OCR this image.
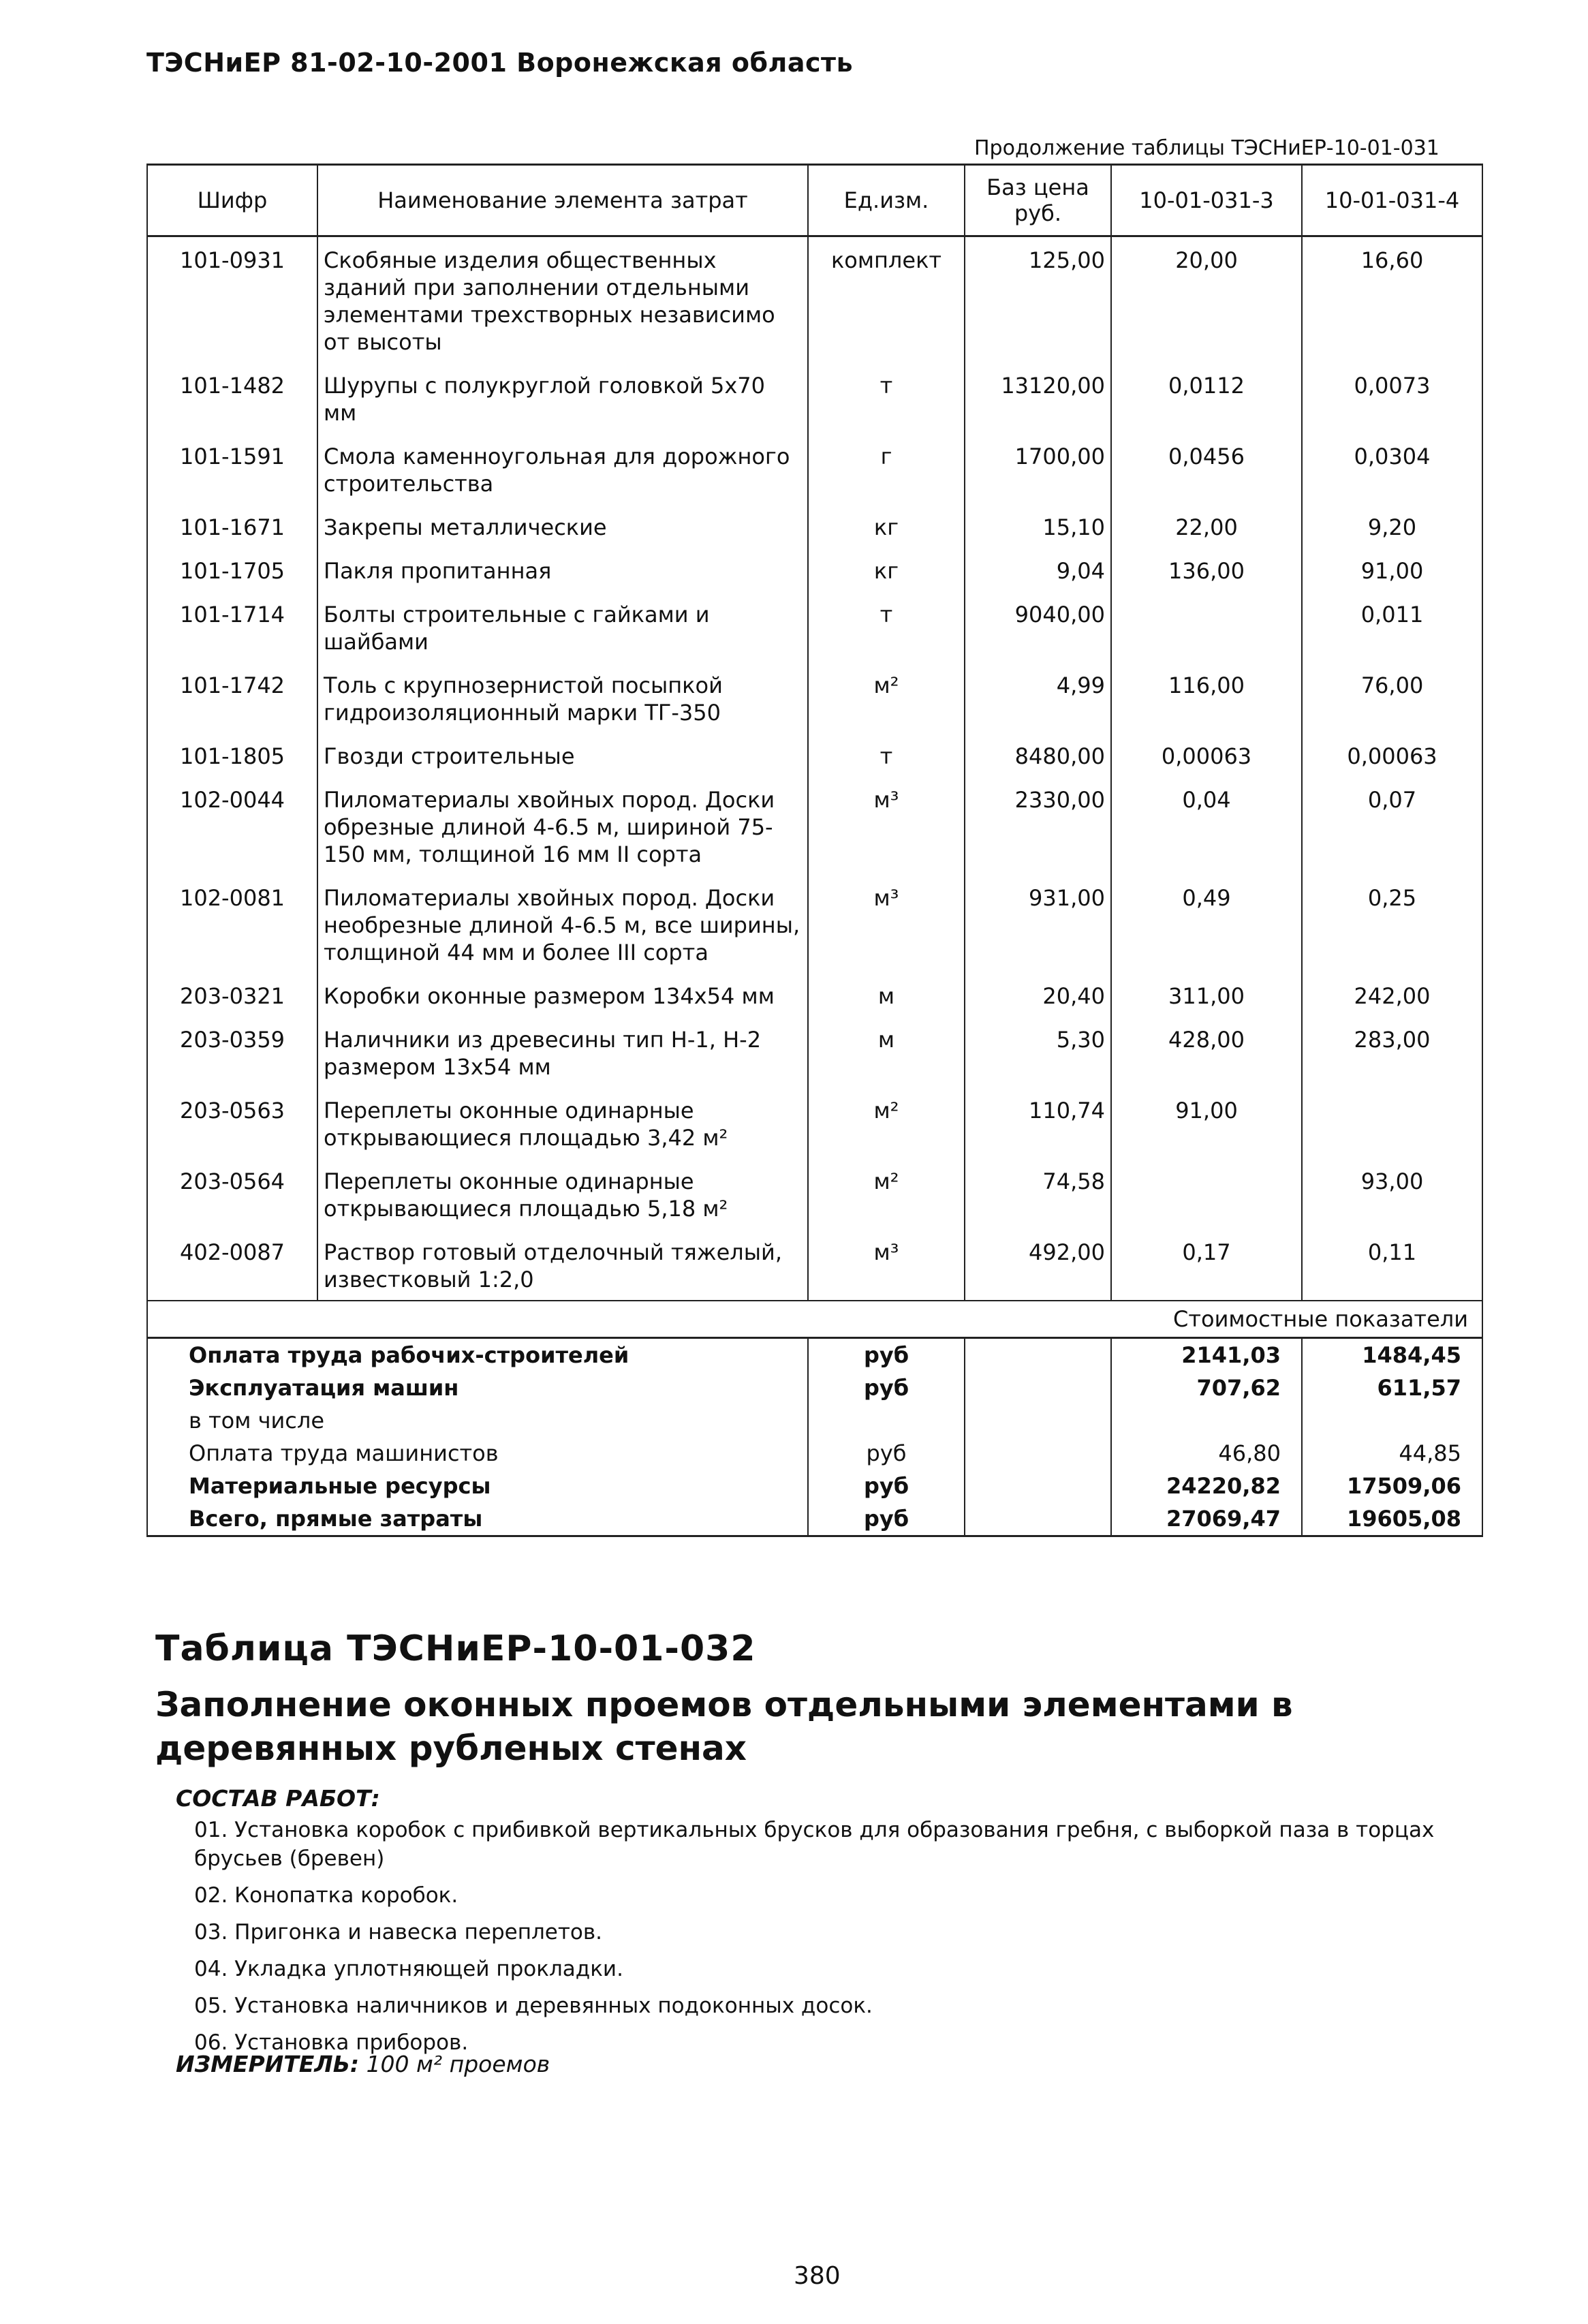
ТЭСНиЕР 81-02-10-2001 Воронежская область
Продолжение таблицы ТЭСНиЕР-10-01-031
Шифр	Наименование элемента затрат	Ед.изм.	Баз цена руб.	10-01-031-3	10-01-031-4
101-0931	Скобяные изделия общественных зданий при заполнении отдельными элементами трехстворных независимо от высоты	комплект	125,00	20,00	16,60
101-1482	Шурупы с полукруглой головкой 5x70 мм	т	13120,00	0,0112	0,0073
101-1591	Смола каменноугольная для дорожного строительства	г	1700,00	0,0456	0,0304
101-1671	Закрепы металлические	кг	15,10	22,00	9,20
101-1705	Пакля пропитанная	кг	9,04	136,00	91,00
101-1714	Болты строительные с гайками и шайбами	т	9040,00		0,011
101-1742	Толь с крупнозернистой посыпкой гидроизоляционный марки ТГ-350	м²	4,99	116,00	76,00
101-1805	Гвозди строительные	т	8480,00	0,00063	0,00063
102-0044	Пиломатериалы хвойных пород. Доски обрезные длиной 4-6.5 м, шириной 75-150 мм, толщиной 16 мм II сорта	м³	2330,00	0,04	0,07
102-0081	Пиломатериалы хвойных пород. Доски необрезные длиной 4-6.5 м, все ширины, толщиной 44 мм и более III сорта	м³	931,00	0,49	0,25
203-0321	Коробки оконные размером 134x54 мм	м	20,40	311,00	242,00
203-0359	Наличники из древесины тип Н-1, Н-2 размером 13x54 мм	м	5,30	428,00	283,00
203-0563	Переплеты оконные одинарные открывающиеся площадью 3,42 м²	м²	110,74	91,00	
203-0564	Переплеты оконные одинарные открывающиеся площадью 5,18 м²	м²	74,58		93,00
402-0087	Раствор готовый отделочный тяжелый, известковый 1:2,0	м³	492,00	0,17	0,11
Стоимостные показатели					
Оплата труда рабочих-строителей		руб		2141,03	1484,45
Эксплуатация машин		руб		707,62	611,57
в том числе					
Оплата труда машинистов		руб		46,80	44,85
Материальные ресурсы		руб		24220,82	17509,06
Всего, прямые затраты		руб		27069,47	19605,08
Таблица ТЭСНиЕР-10-01-032
Заполнение оконных проемов отдельными элементами в деревянных рубленых стенах
СОСТАВ РАБОТ:
01. Установка коробок с прибивкой вертикальных брусков для образования гребня, с выборкой паза в торцах брусьев (бревен)
02. Конопатка коробок.
03. Пригонка и навеска переплетов.
04. Укладка уплотняющей прокладки.
05. Установка наличников и деревянных подоконных досок.
06. Установка приборов.
ИЗМЕРИТЕЛЬ: 100 м² проемов
380
